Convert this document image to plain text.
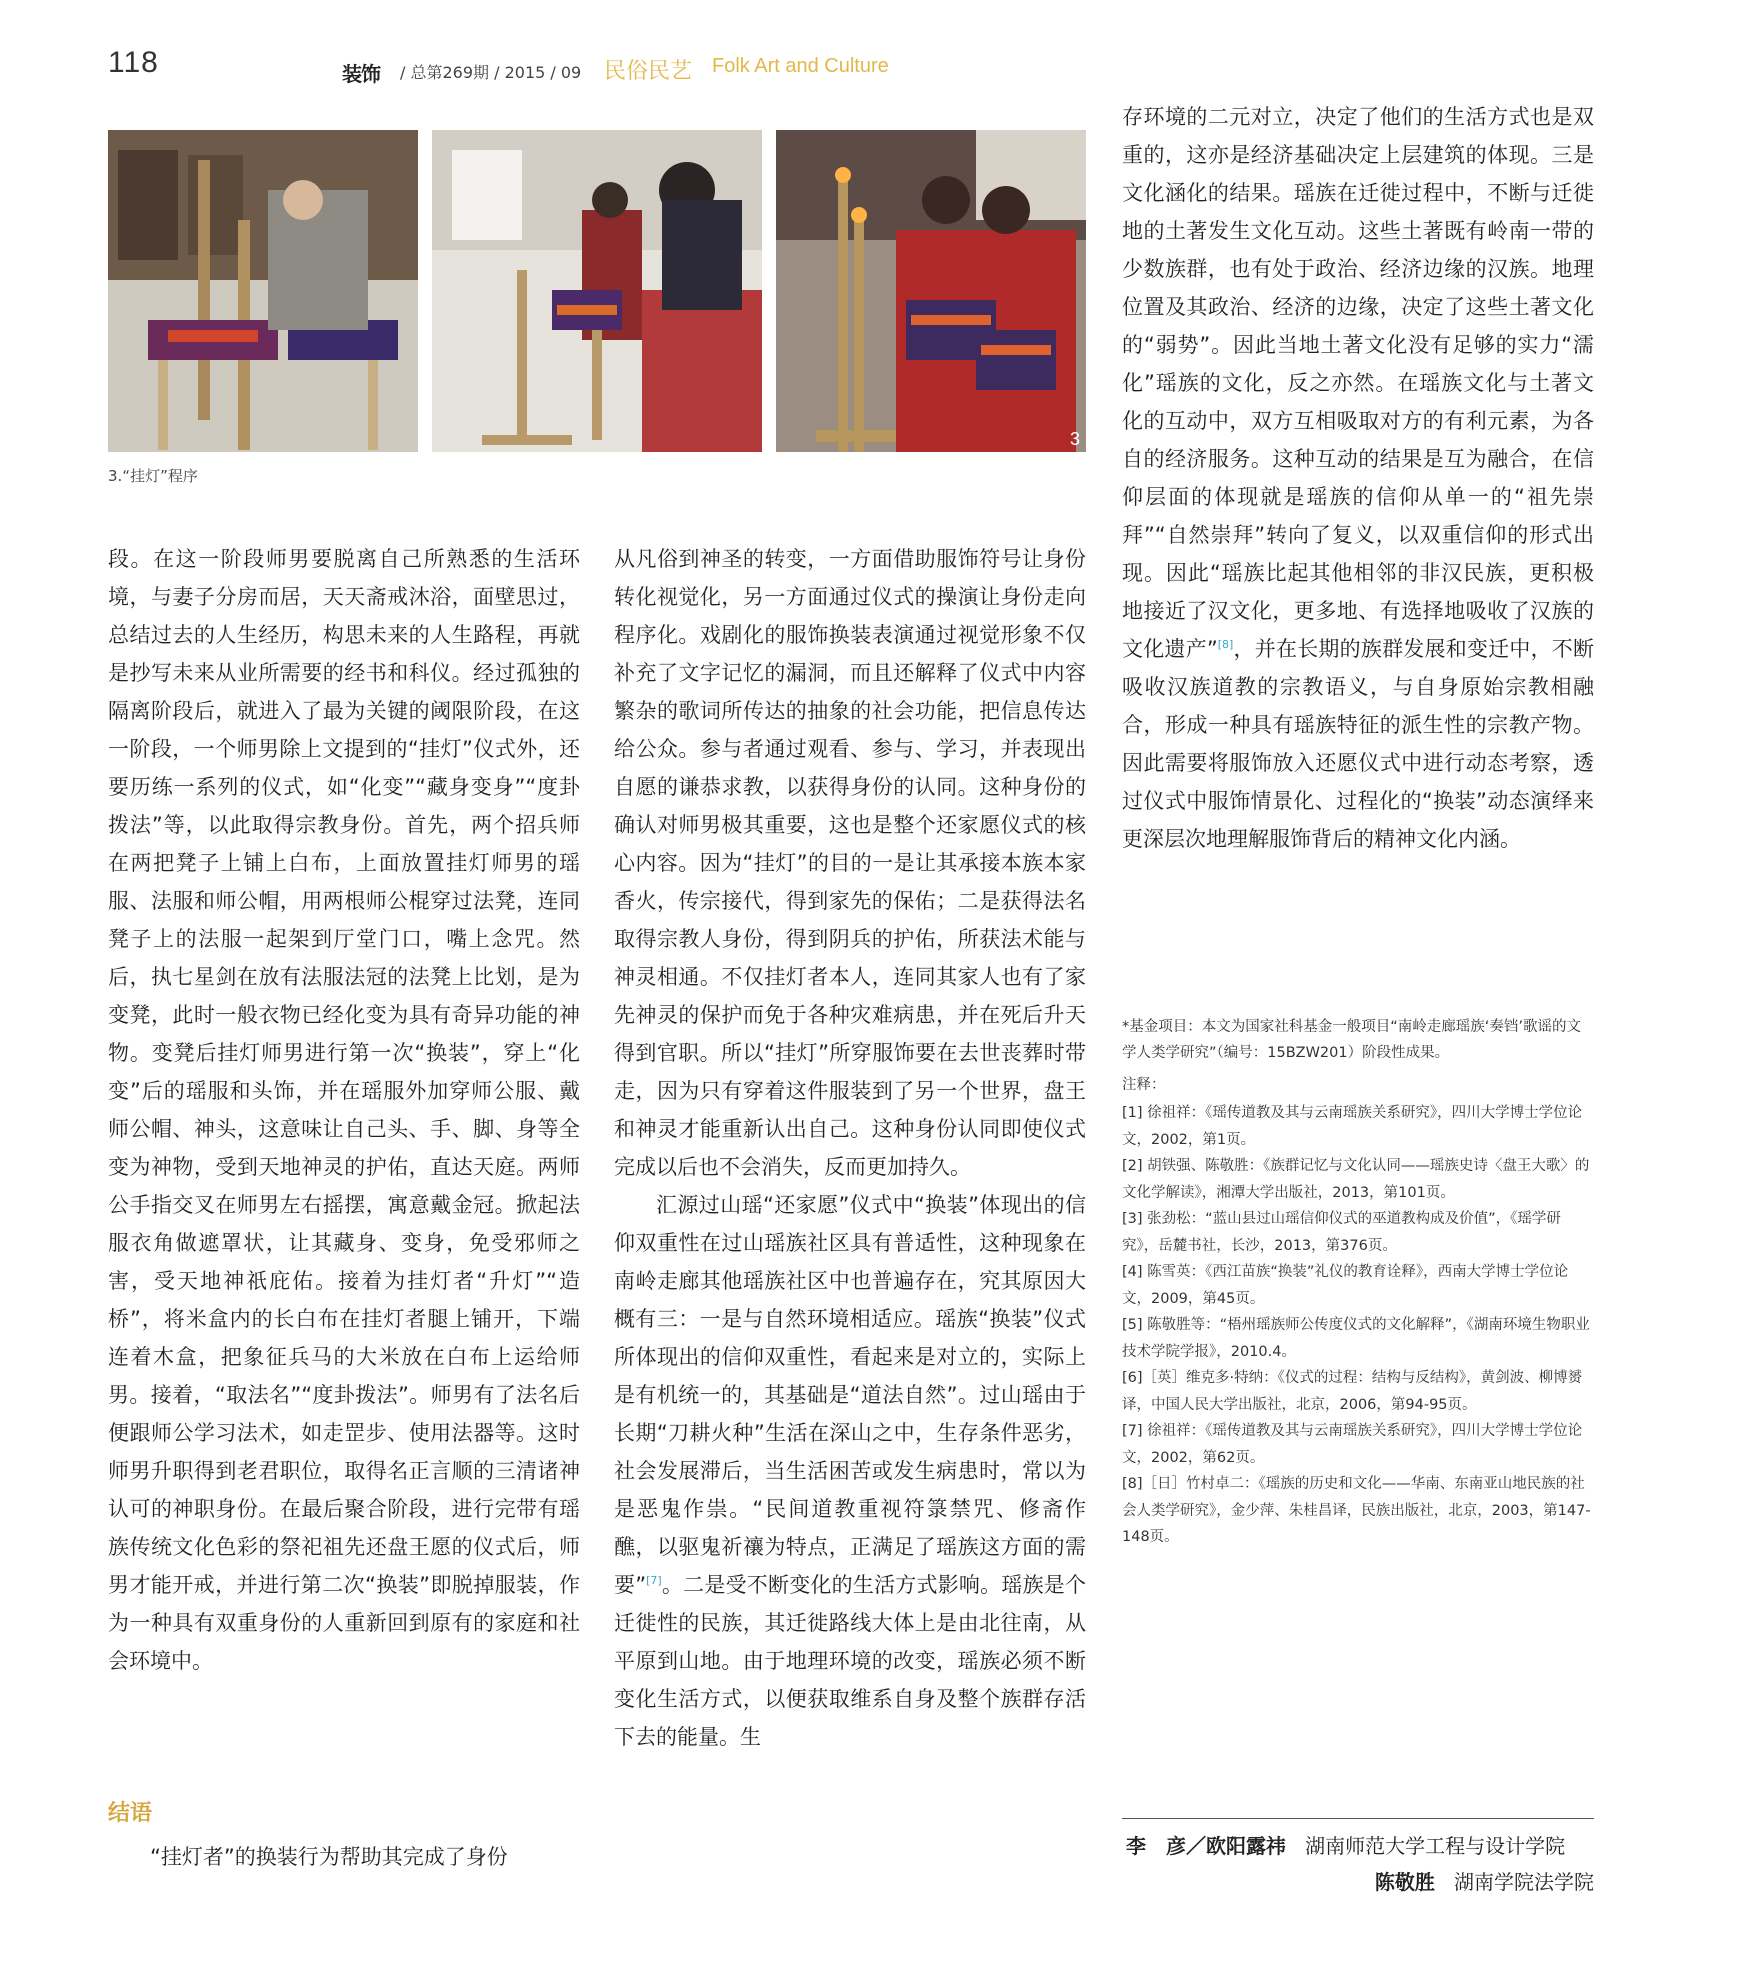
118	装饰 / 总第269期 / 2015 / 09 民俗民艺 Folk Art and Culture
3
3.“挂灯”程序

段。在这一阶段师男要脱离自己所熟悉的生活环境，与妻子分房而居，天天斋戒沐浴，面壁思过，总结过去的人生经历，构思未来的人生路程，再就是抄写未来从业所需要的经书和科仪。经过孤独的隔离阶段后，就进入了最为关键的阈限阶段，在这一阶段，一个师男除上文提到的“挂灯”仪式外，还要历练一系列的仪式，如“化变”“藏身变身”“度卦拨法”等，以此取得宗教身份。首先，两个招兵师在两把凳子上铺上白布，上面放置挂灯师男的瑶服、法服和师公帽，用两根师公棍穿过法凳，连同凳子上的法服一起架到厅堂门口，嘴上念咒。然后，执七星剑在放有法服法冠的法凳上比划，是为变凳，此时一般衣物已经化变为具有奇异功能的神物。变凳后挂灯师男进行第一次“换装”，穿上“化变”后的瑶服和头饰，并在瑶服外加穿师公服、戴师公帽、神头，这意味让自己头、手、脚、身等全变为神物，受到天地神灵的护佑，直达天庭。两师公手指交叉在师男左右摇摆，寓意戴金冠。掀起法服衣角做遮罩状，让其藏身、变身，免受邪师之害，受天地神祇庇佑。接着为挂灯者“升灯”“造桥”，将米盒内的长白布在挂灯者腿上铺开，下端连着木盒，把象征兵马的大米放在白布上运给师男。接着，“取法名”“度卦拨法”。师男有了法名后便跟师公学习法术，如走罡步、使用法器等。这时师男升职得到老君职位，取得名正言顺的三清诸神认可的神职身份。在最后聚合阶段，进行完带有瑶族传统文化色彩的祭祀祖先还盘王愿的仪式后，师男才能开戒，并进行第二次“换装”即脱掉服装，作为一种具有双重身份的人重新回到原有的家庭和社会环境中。

结语

“挂灯者”的换装行为帮助其完成了身份

从凡俗到神圣的转变，一方面借助服饰符号让身份转化视觉化，另一方面通过仪式的操演让身份走向程序化。戏剧化的服饰换装表演通过视觉形象不仅补充了文字记忆的漏洞，而且还解释了仪式中内容繁杂的歌词所传达的抽象的社会功能，把信息传达给公众。参与者通过观看、参与、学习，并表现出自愿的谦恭求教，以获得身份的认同。这种身份的确认对师男极其重要，这也是整个还家愿仪式的核心内容。因为“挂灯”的目的一是让其承接本族本家香火，传宗接代，得到家先的保佑；二是获得法名取得宗教人身份，得到阴兵的护佑，所获法术能与神灵相通。不仅挂灯者本人，连同其家人也有了家先神灵的保护而免于各种灾难病患，并在死后升天得到官职。所以“挂灯”所穿服饰要在去世丧葬时带走，因为只有穿着这件服装到了另一个世界，盘王和神灵才能重新认出自己。这种身份认同即使仪式完成以后也不会消失，反而更加持久。

汇源过山瑶“还家愿”仪式中“换装”体现出的信仰双重性在过山瑶族社区具有普适性，这种现象在南岭走廊其他瑶族社区中也普遍存在，究其原因大概有三：一是与自然环境相适应。瑶族“换装”仪式所体现出的信仰双重性，看起来是对立的，实际上是有机统一的，其基础是“道法自然”。过山瑶由于长期“刀耕火种”生活在深山之中，生存条件恶劣，社会发展滞后，当生活困苦或发生病患时，常以为是恶鬼作祟。“民间道教重视符箓禁咒、修斋作醮，以驱鬼祈禳为特点，正满足了瑶族这方面的需要”[7]。二是受不断变化的生活方式影响。瑶族是个迁徙性的民族，其迁徙路线大体上是由北往南，从平原到山地。由于地理环境的改变，瑶族必须不断变化生活方式，以便获取维系自身及整个族群存活下去的能量。生

存环境的二元对立，决定了他们的生活方式也是双重的，这亦是经济基础决定上层建筑的体现。三是文化涵化的结果。瑶族在迁徙过程中，不断与迁徙地的土著发生文化互动。这些土著既有岭南一带的少数族群，也有处于政治、经济边缘的汉族。地理位置及其政治、经济的边缘，决定了这些土著文化的“弱势”。因此当地土著文化没有足够的实力“濡化”瑶族的文化，反之亦然。在瑶族文化与土著文化的互动中，双方互相吸取对方的有利元素，为各自的经济服务。这种互动的结果是互为融合，在信仰层面的体现就是瑶族的信仰从单一的“祖先崇拜”“自然崇拜”转向了复义，以双重信仰的形式出现。因此“瑶族比起其他相邻的非汉民族，更积极地接近了汉文化，更多地、有选择地吸收了汉族的文化遗产”[8]，并在长期的族群发展和变迁中，不断吸收汉族道教的宗教语义，与自身原始宗教相融合，形成一种具有瑶族特征的派生性的宗教产物。因此需要将服饰放入还愿仪式中进行动态考察，透过仪式中服饰情景化、过程化的“换装”动态演绎来更深层次地理解服饰背后的精神文化内涵。

*基金项目：本文为国家社科基金一般项目“南岭走廊瑶族‘奏铛’歌谣的文学人类学研究”（编号：15BZW201）阶段性成果。
注释：

[1] 徐祖祥：《瑶传道教及其与云南瑶族关系研究》，四川大学博士学位论文，2002，第1页。

[2] 胡铁强、陈敬胜：《族群记忆与文化认同——瑶族史诗〈盘王大歌〉的文化学解读》，湘潭大学出版社，2013，第101页。

[3] 张劲松：“蓝山县过山瑶信仰仪式的巫道教构成及价值”，《瑶学研究》，岳麓书社，长沙，2013，第376页。

[4] 陈雪英：《西江苗族“换装”礼仪的教育诠释》，西南大学博士学位论文，2009，第45页。

[5] 陈敬胜等：“梧州瑶族师公传度仪式的文化解释”，《湖南环境生物职业技术学院学报》，2010.4。

[6]［英］维克多·特纳：《仪式的过程：结构与反结构》，黄剑波、柳博赟译，中国人民大学出版社，北京，2006，第94-95页。

[7] 徐祖祥：《瑶传道教及其与云南瑶族关系研究》，四川大学博士学位论文，2002，第62页。

[8]［日］竹村卓二：《瑶族的历史和文化——华南、东南亚山地民族的社会人类学研究》，金少萍、朱桂昌译，民族出版社，北京，2003，第147-148页。

李　彦／欧阳露祎 湖南师范大学工程与设计学院
陈敬胜 湖南学院法学院
